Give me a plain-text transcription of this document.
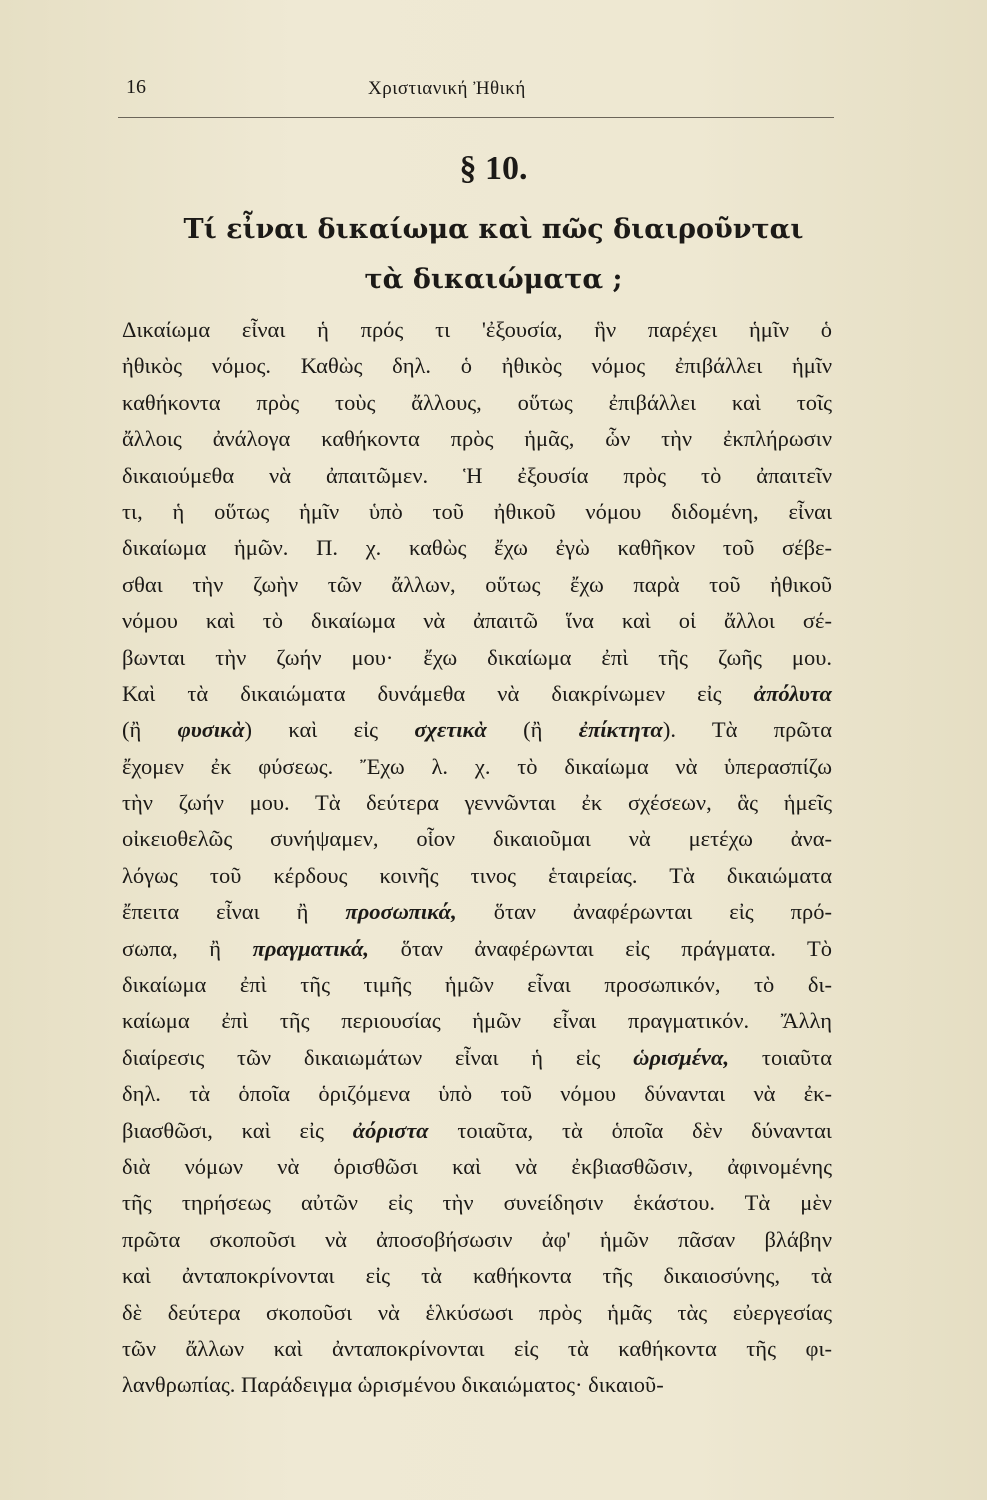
16	Χριστιανική Ἠθική
§ 10.
Τί εἶναι δικαίωμα καὶ πῶς διαιροῦνται
τὰ δικαιώματα ;
Δικαίωμα εἶναι ἡ πρός τι 'ἐξουσία, ἣν παρέχει ἡμῖν ὁ
ἠθικὸς νόμος. Καθὼς δηλ. ὁ ἠθικὸς νόμος ἐπιβάλλει ἡμῖν
καθήκοντα πρὸς τοὺς ἄλλους, οὕτως ἐπιβάλλει καὶ τοῖς
ἄλλοις ἀνάλογα καθήκοντα πρὸς ἡμᾶς, ὧν τὴν ἐκπλήρωσιν
δικαιούμεθα νὰ ἀπαιτῶμεν. Ἡ ἐξουσία πρὸς τὸ ἀπαιτεῖν
τι, ἡ οὕτως ἡμῖν ὑπὸ τοῦ ἠθικοῦ νόμου διδομένη, εἶναι
δικαίωμα ἡμῶν. Π. χ. καθὼς ἔχω ἐγὼ καθῆκον τοῦ σέβε-
σθαι τὴν ζωὴν τῶν ἄλλων, οὕτως ἔχω παρὰ τοῦ ἠθικοῦ
νόμου καὶ τὸ δικαίωμα νὰ ἀπαιτῶ ἵνα καὶ οἱ ἄλλοι σέ-
βωνται τὴν ζωήν μου· ἔχω δικαίωμα ἐπὶ τῆς ζωῆς μου.
Καὶ τὰ δικαιώματα δυνάμεθα νὰ διακρίνωμεν εἰς ἀπόλυτα
(ἢ φυσικὰ) καὶ εἰς σχετικὰ (ἢ ἐπίκτητα). Τὰ πρῶτα
ἔχομεν ἐκ φύσεως. Ἔχω λ. χ. τὸ δικαίωμα νὰ ὑπερασπίζω
τὴν ζωήν μου. Τὰ δεύτερα γεννῶνται ἐκ σχέσεων, ἃς ἡμεῖς
οἰκειοθελῶς συνήψαμεν, οἷον δικαιοῦμαι νὰ μετέχω ἀνα-
λόγως τοῦ κέρδους κοινῆς τινος ἑταιρείας. Τὰ δικαιώματα
ἔπειτα εἶναι ἢ προσωπικά, ὅταν ἀναφέρωνται εἰς πρό-
σωπα, ἢ πραγματικά, ὅταν ἀναφέρωνται εἰς πράγματα. Τὸ
δικαίωμα ἐπὶ τῆς τιμῆς ἡμῶν εἶναι προσωπικόν, τὸ δι-
καίωμα ἐπὶ τῆς περιουσίας ἡμῶν εἶναι πραγματικόν. Ἄλλη
διαίρεσις τῶν δικαιωμάτων εἶναι ἡ εἰς ὡρισμένα, τοιαῦτα
δηλ. τὰ ὁποῖα ὁριζόμενα ὑπὸ τοῦ νόμου δύνανται νὰ ἐκ-
βιασθῶσι, καὶ εἰς ἀόριστα τοιαῦτα, τὰ ὁποῖα δὲν δύνανται
διὰ νόμων νὰ ὁρισθῶσι καὶ νὰ ἐκβιασθῶσιν, ἀφινομένης
τῆς τηρήσεως αὐτῶν εἰς τὴν συνείδησιν ἑκάστου. Τὰ μὲν
πρῶτα σκοποῦσι νὰ ἀποσοβήσωσιν ἀφ' ἡμῶν πᾶσαν βλάβην
καὶ ἀνταποκρίνονται εἰς τὰ καθήκοντα τῆς δικαιοσύνης, τὰ
δὲ δεύτερα σκοποῦσι νὰ ἑλκύσωσι πρὸς ἡμᾶς τὰς εὐεργεσίας
τῶν ἄλλων καὶ ἀνταποκρίνονται εἰς τὰ καθήκοντα τῆς φι-
λανθρωπίας. Παράδειγμα ὡρισμένου δικαιώματος· δικαιοῦ-
